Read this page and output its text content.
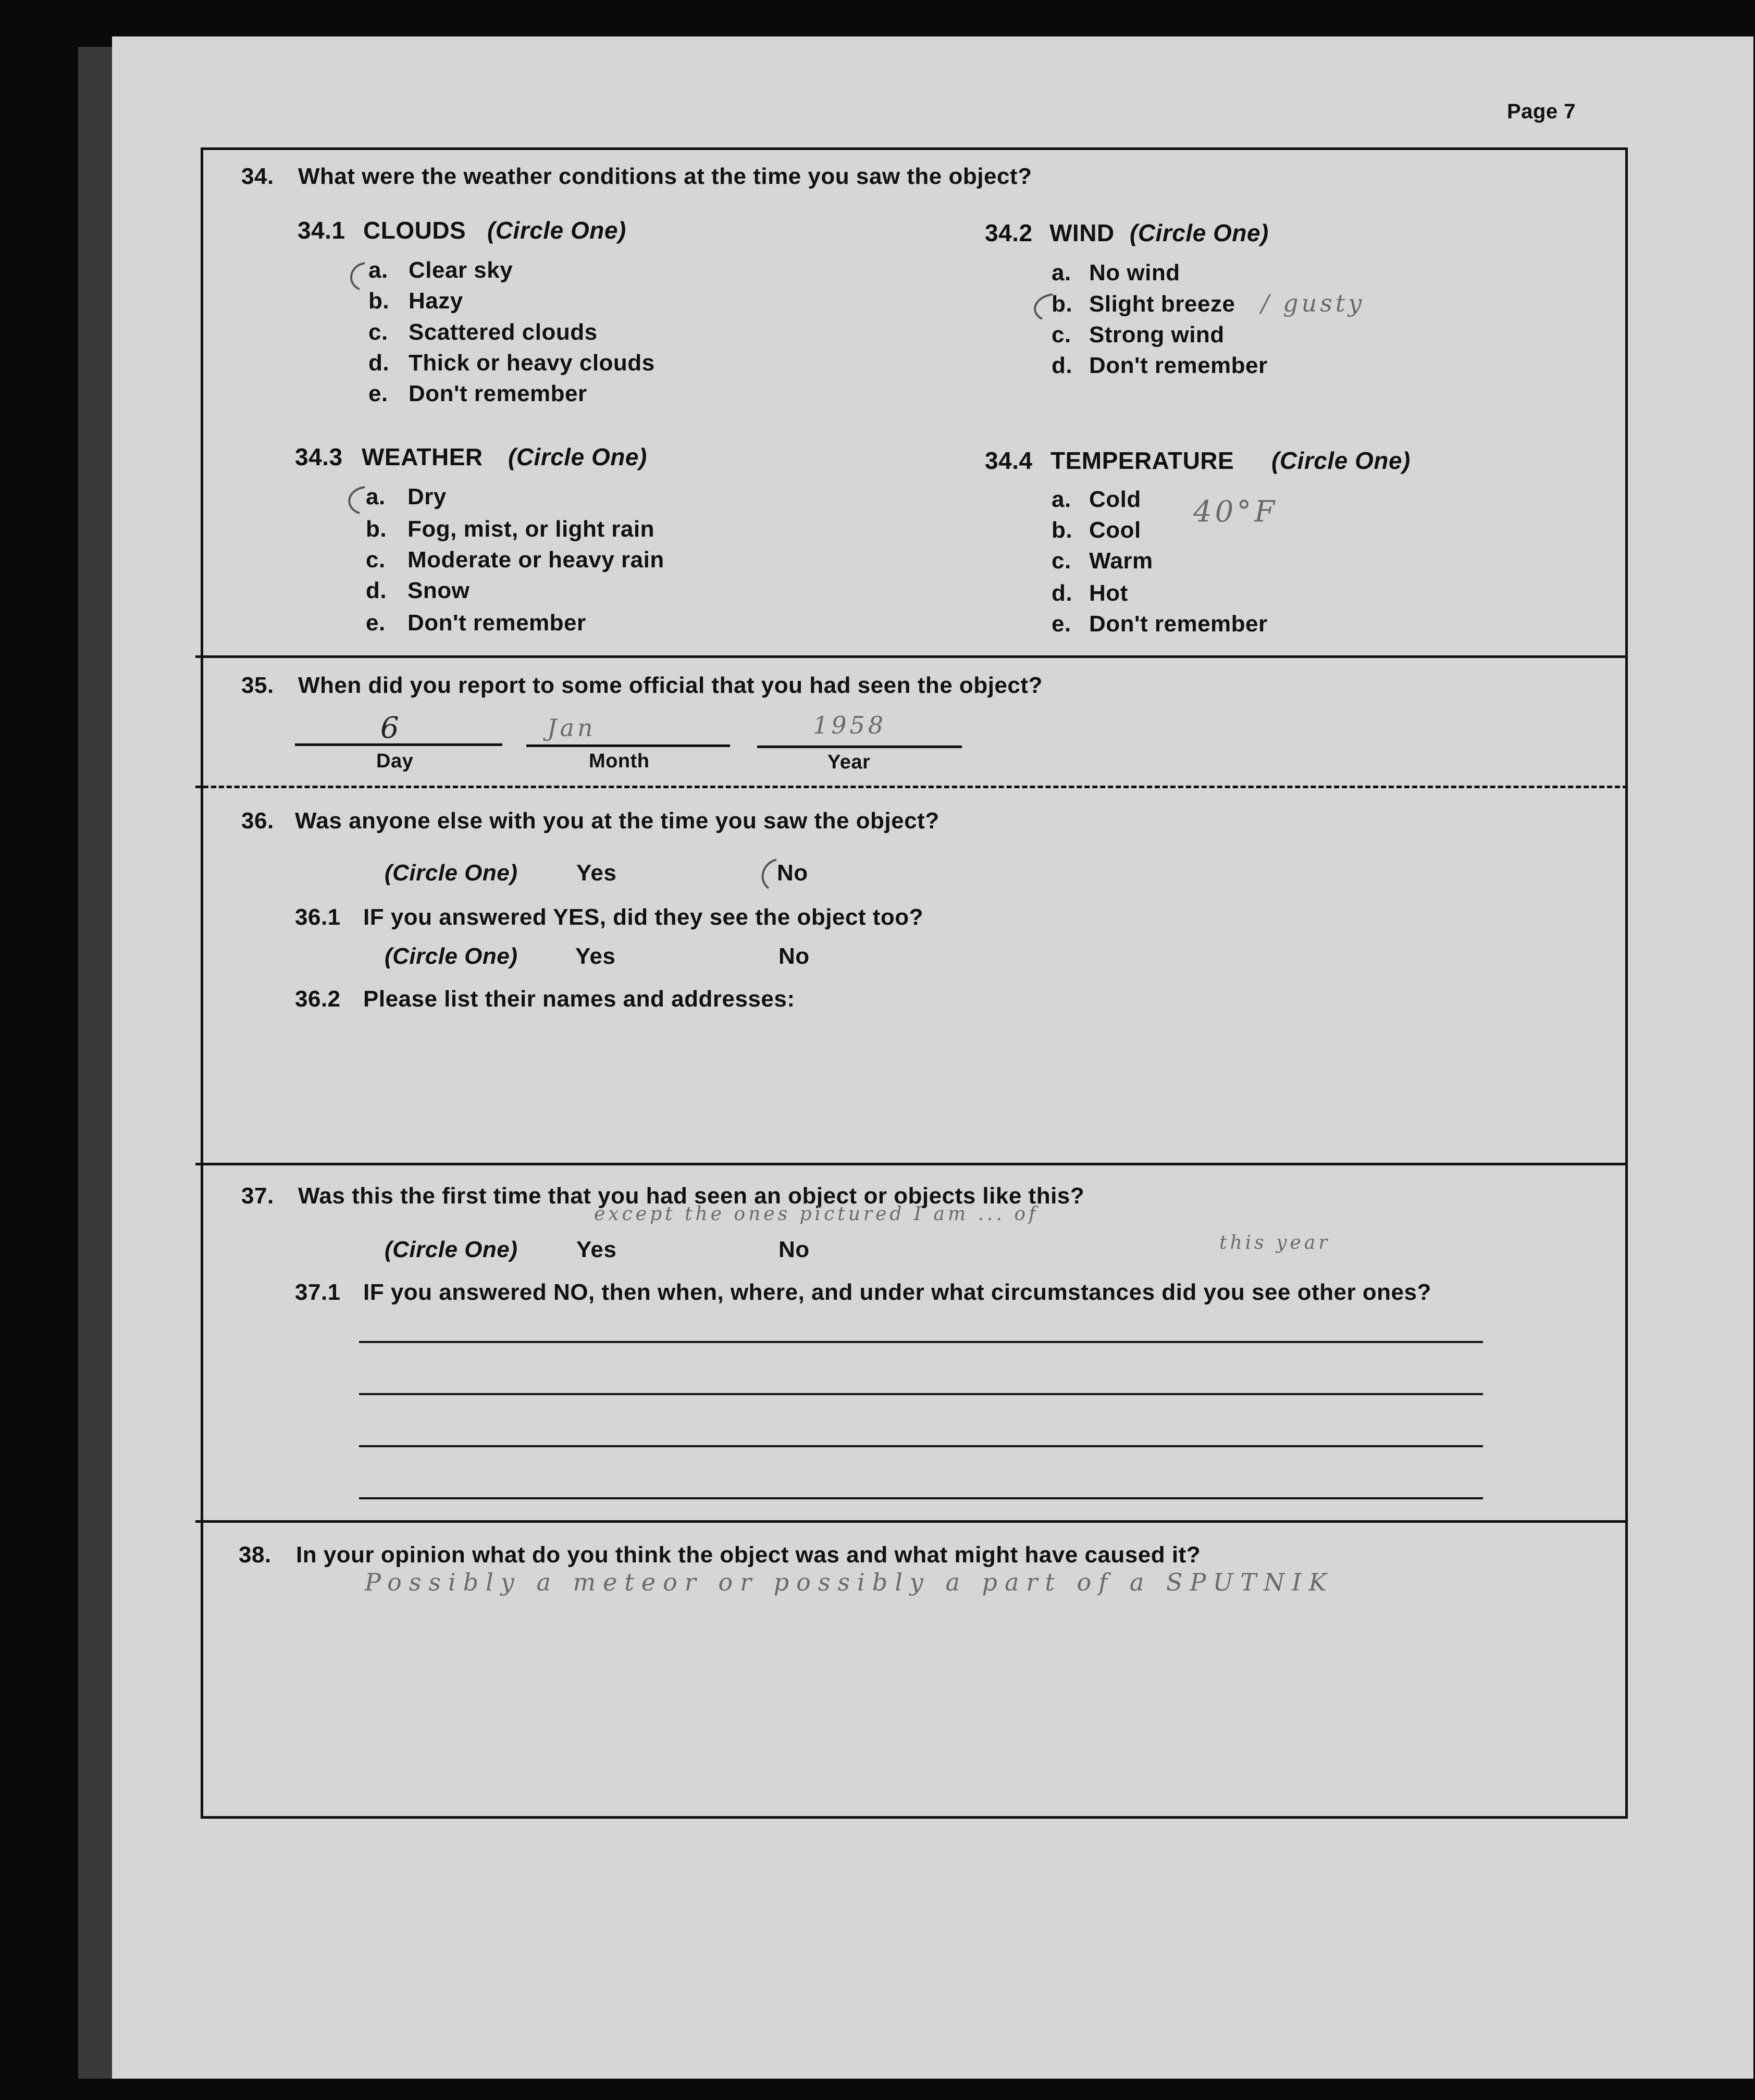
Page 7
34. What were the weather conditions at the time you saw the object?
34.1 CLOUDS (Circle One)
a. Clear sky
b. Hazy
c. Scattered clouds
d. Thick or heavy clouds
e. Don't remember
34.2 WIND (Circle One)
a. No wind
b. Slight breeze
c. Strong wind
d. Don't remember
/ gusty
34.3 WEATHER (Circle One)
a. Dry
b. Fog, mist, or light rain
c. Moderate or heavy rain
d. Snow
e. Don't remember
34.4 TEMPERATURE (Circle One)
a. Cold
b. Cool
c. Warm
d. Hot
e. Don't remember
40°F
35. When did you report to some official that you had seen the object?
6	Jan	1958
Day	Month	Year
36. Was anyone else with you at the time you saw the object?
(Circle One)	Yes	No
36.1 IF you answered YES, did they see the object too?
(Circle One)	Yes	No
36.2 Please list their names and addresses:
37. Was this the first time that you had seen an object or objects like this?
except the ones pictured I am ... of
this year
(Circle One)	Yes	No
37.1 IF you answered NO, then when, where, and under what circumstances did you see other ones?
38. In your opinion what do you think the object was and what might have caused it?
Possibly a meteor or possibly a part of a SPUTNIK
